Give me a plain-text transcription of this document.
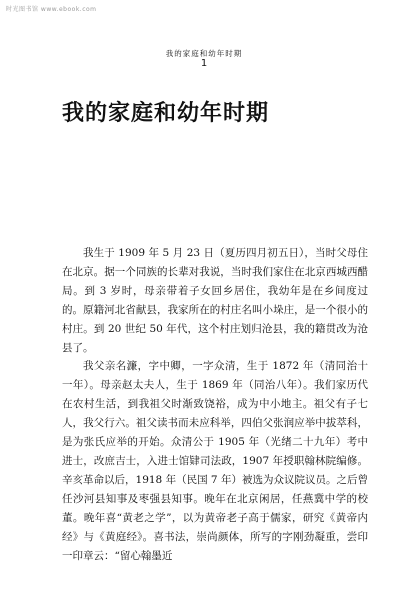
时光图书馆 www.ebook.com
我的家庭和幼年时期
1
我的家庭和幼年时期

我生于 1909 年 5 月 23 日（夏历四月初五日），当时父母住在北京。据一个同族的长辈对我说，当时我们家住在北京西城西醋局。到 3 岁时，母亲带着子女回乡居住，我幼年是在乡间度过的。原籍河北省献县，我家所在的村庄名叫小垛庄，是一个很小的村庄。到 20 世纪 50 年代，这个村庄划归沧县，我的籍贯改为沧县了。

我父亲名濂，字中卿，一字众清，生于 1872 年（清同治十一年）。母亲赵太夫人，生于 1869 年（同治八年）。我们家历代在农村生活，到我祖父时渐致饶裕，成为中小地主。祖父有子七人，我父行六。祖父读书而未应科举，四伯父张润应举中拔萃科，是为张氏应举的开始。众清公于 1905 年（光绪二十九年）考中进士，改庶吉士，入进士馆肄司法政，1907 年授职翰林院编修。辛亥革命以后，1918 年（民国 7 年）被选为众议院议员。之后曾任沙河县知事及枣强县知事。晚年在北京闲居，任燕冀中学的校董。晚年喜“黄老之学”，以为黄帝老子高于儒家，研究《黄帝内经》与《黄庭经》。喜书法，崇尚颜体，所写的字刚劲凝重，尝印一印章云：“留心翰墨近
